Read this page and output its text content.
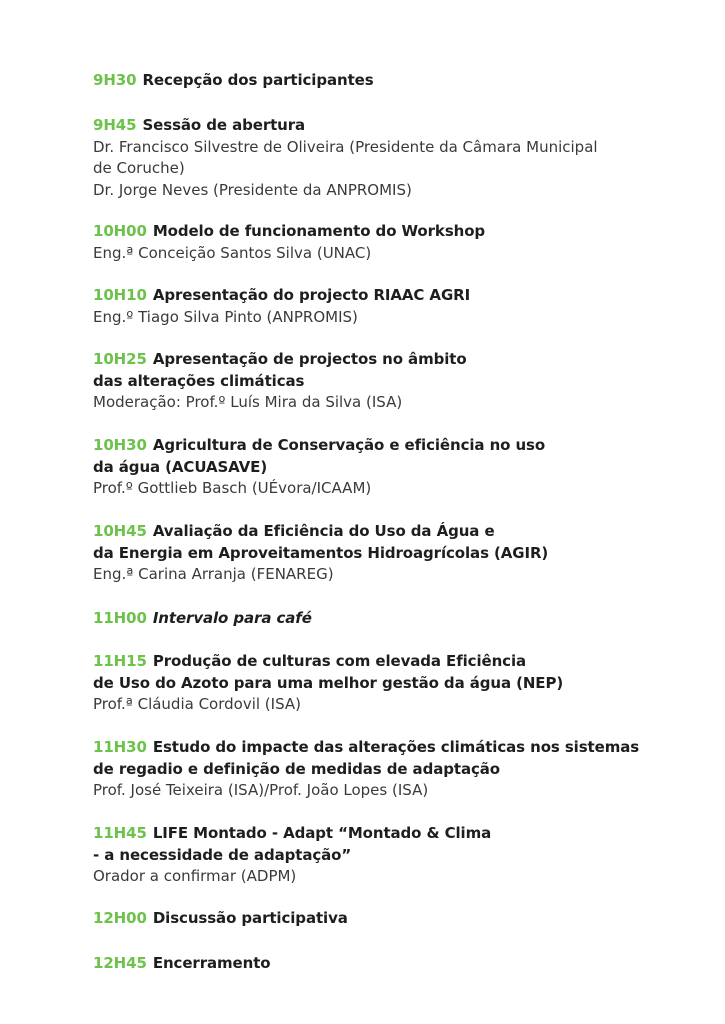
9H30 Recepção dos participantes
9H45 Sessão de abertura
Dr. Francisco Silvestre de Oliveira (Presidente da Câmara Municipal
de Coruche)
Dr. Jorge Neves (Presidente da ANPROMIS)
10H00 Modelo de funcionamento do Workshop
Eng.ª Conceição Santos Silva (UNAC)
10H10 Apresentação do projecto RIAAC AGRI
Eng.º Tiago Silva Pinto (ANPROMIS)
10H25 Apresentação de projectos no âmbito
das alterações climáticas
Moderação: Prof.º Luís Mira da Silva (ISA)
10H30 Agricultura de Conservação e eficiência no uso
da água (ACUASAVE)
Prof.º Gottlieb Basch (UÉvora/ICAAM)
10H45 Avaliação da Eficiência do Uso da Água e
da Energia em Aproveitamentos Hidroagrícolas (AGIR)
Eng.ª Carina Arranja (FENAREG)
11H00 Intervalo para café
11H15 Produção de culturas com elevada Eficiência
de Uso do Azoto para uma melhor gestão da água (NEP)
Prof.ª Cláudia Cordovil (ISA)
11H30 Estudo do impacte das alterações climáticas nos sistemas
de regadio e definição de medidas de adaptação
Prof. José Teixeira (ISA)/Prof. João Lopes (ISA)
11H45 LIFE Montado - Adapt “Montado & Clima
- a necessidade de adaptação”
Orador a confirmar (ADPM)
12H00 Discussão participativa
12H45 Encerramento
